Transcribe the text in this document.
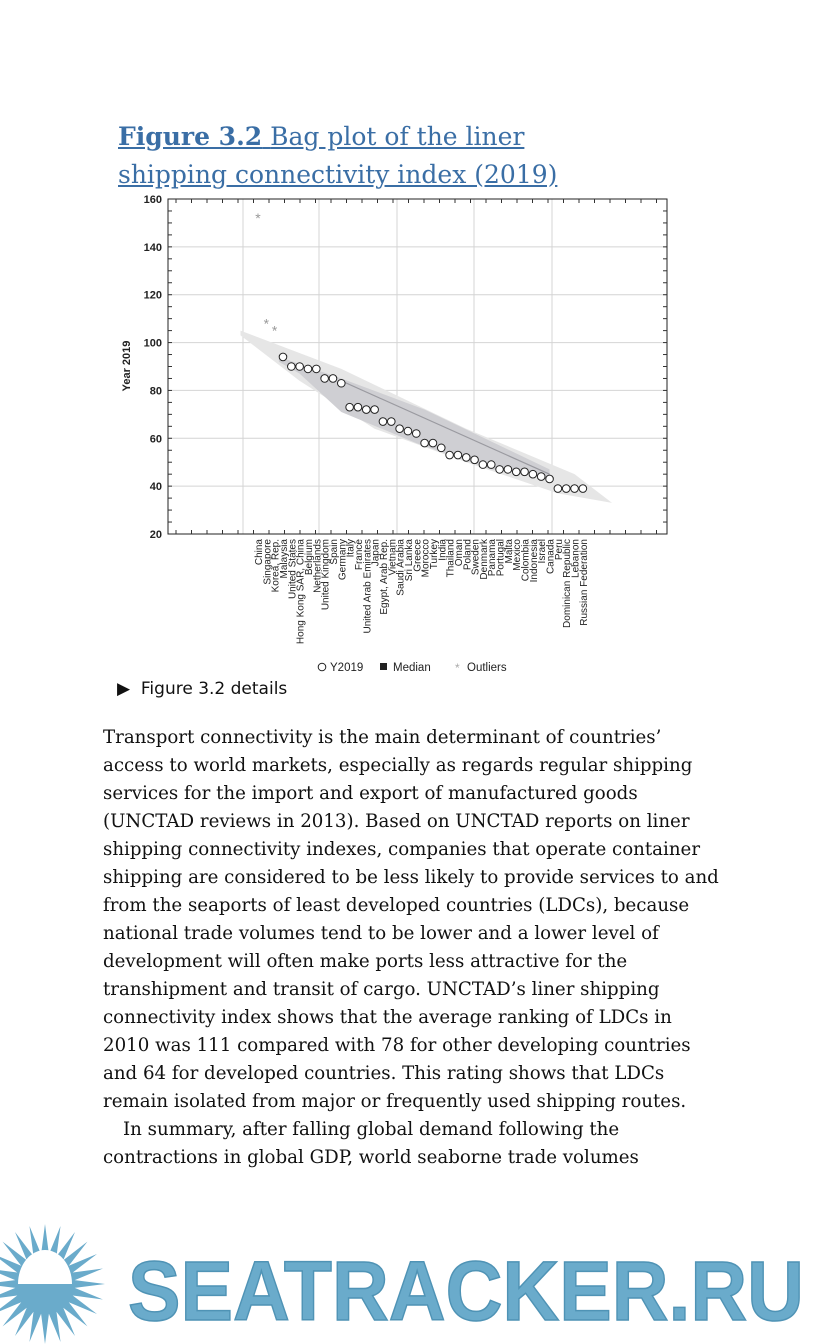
Figure 3.2 Bag plot of the liner shipping connectivity index (2019)
20
40
60
80
100
120
140
160
*
* *
China
Singapore
Korea, Rep.
Malaysia
United States
Hong Kong SAR, China
Belgium
Netherlands
United Kingdom
Spain
Germany
Italy
France
United Arab Emirates
Japan
Egypt, Arab Rep.
Vietnam
Saudi Arabia
Sri Lanka
Greece
Morocco
Turkey
India
Thailand
Oman
Poland
Sweden
Denmark
Panama
Portugal
Malta
Mexico
Colombia
Indonesia
Israel
Canada
Peru
Dominican Republic
Lebanon
Russian Federation
Year 2019
Y2019	Median * Outliers
▶ Figure 3.2 details

Transport connectivity is the main determinant of countries’ access to world markets, especially as regards regular shipping services for the import and export of manufactured goods (UNCTAD reviews in 2013). Based on UNCTAD reports on liner shipping connectivity indexes, companies that operate container shipping are considered to be less likely to provide services to and from the seaports of least developed countries (LDCs), because national trade volumes tend to be lower and a lower level of development will often make ports less attractive for the transhipment and transit of cargo. UNCTAD’s liner shipping connectivity index shows that the average ranking of LDCs in 2010 was 111 compared with 78 for other developing countries and 64 for developed countries. This rating shows that LDCs remain isolated from major or frequently used shipping routes.

In summary, after falling global demand following the contractions in global GDP, world seaborne trade volumes

SEATRACKER.RU
